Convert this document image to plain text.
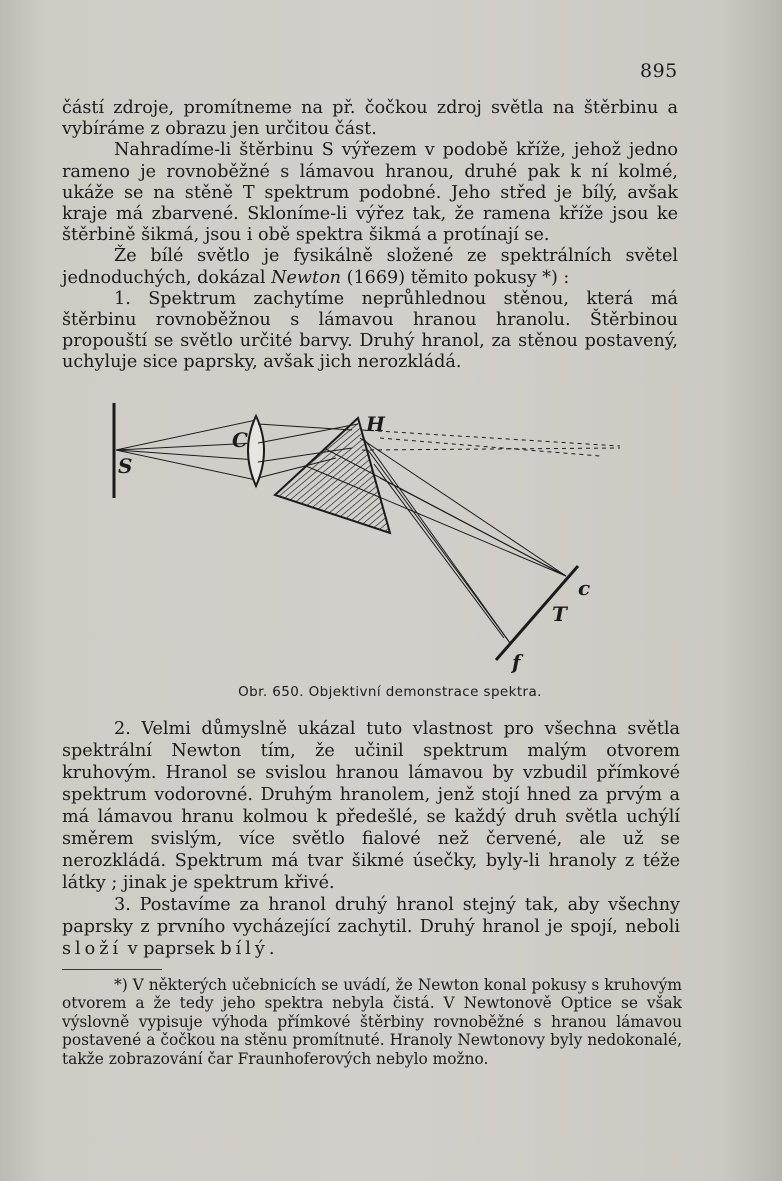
895

částí zdroje, promítneme na př. čočkou zdroj světla na štěrbinu a vybíráme z obrazu jen určitou část.

Nahradíme-li štěrbinu S výřezem v podobě kříže, jehož jedno rameno je rovnoběžné s lámavou hranou, druhé pak k ní kolmé, ukáže se na stěně T spektrum podobné. Jeho střed je bílý, avšak kraje má zbarvené. Skloníme-li výřez tak, že ramena kříže jsou ke štěrbině šikmá, jsou i obě spektra šikmá a protínají se.

Že bílé světlo je fysikálně složené ze spektrálních světel jednoduchých, dokázal Newton (1669) těmito pokusy *) :

1. Spektrum zachytíme neprůhlednou stěnou, která má štěrbinu rovnoběžnou s lámavou hranou hranolu. Štěrbinou propouští se světlo určité barvy. Druhý hranol, za stěnou postavený, uchyluje sice paprsky, avšak jich nerozkládá.

S
C
H
c
T
f
Obr. 650. Objektivní demonstrace spektra.

2. Velmi důmyslně ukázal tuto vlastnost pro všechna světla spektrální Newton tím, že učinil spektrum malým otvorem kruhovým. Hranol se svislou hranou lámavou by vzbudil přímkové spektrum vodorovné. Druhým hranolem, jenž stojí hned za prvým a má lámavou hranu kolmou k předešlé, se každý druh světla uchýlí směrem svislým, více světlo fialové než červené, ale už se nerozkládá. Spektrum má tvar šikmé úsečky, byly-li hranoly z téže látky ; jinak je spektrum křivé.

3. Postavíme za hranol druhý hranol stejný tak, aby všechny paprsky z prvního vycházející zachytil. Druhý hranol je spojí, neboli složí v paprsek bílý.

*) V některých učebnicích se uvádí, že Newton konal pokusy s kruhovým otvorem a že tedy jeho spektra nebyla čistá. V Newtonově Optice se však výslovně vypisuje výhoda přímkové štěrbiny rovnoběžné s hranou lámavou postavené a čočkou na stěnu promítnuté. Hranoly Newtonovy byly nedokonalé, takže zobrazování čar Fraunhoferových nebylo možno.
